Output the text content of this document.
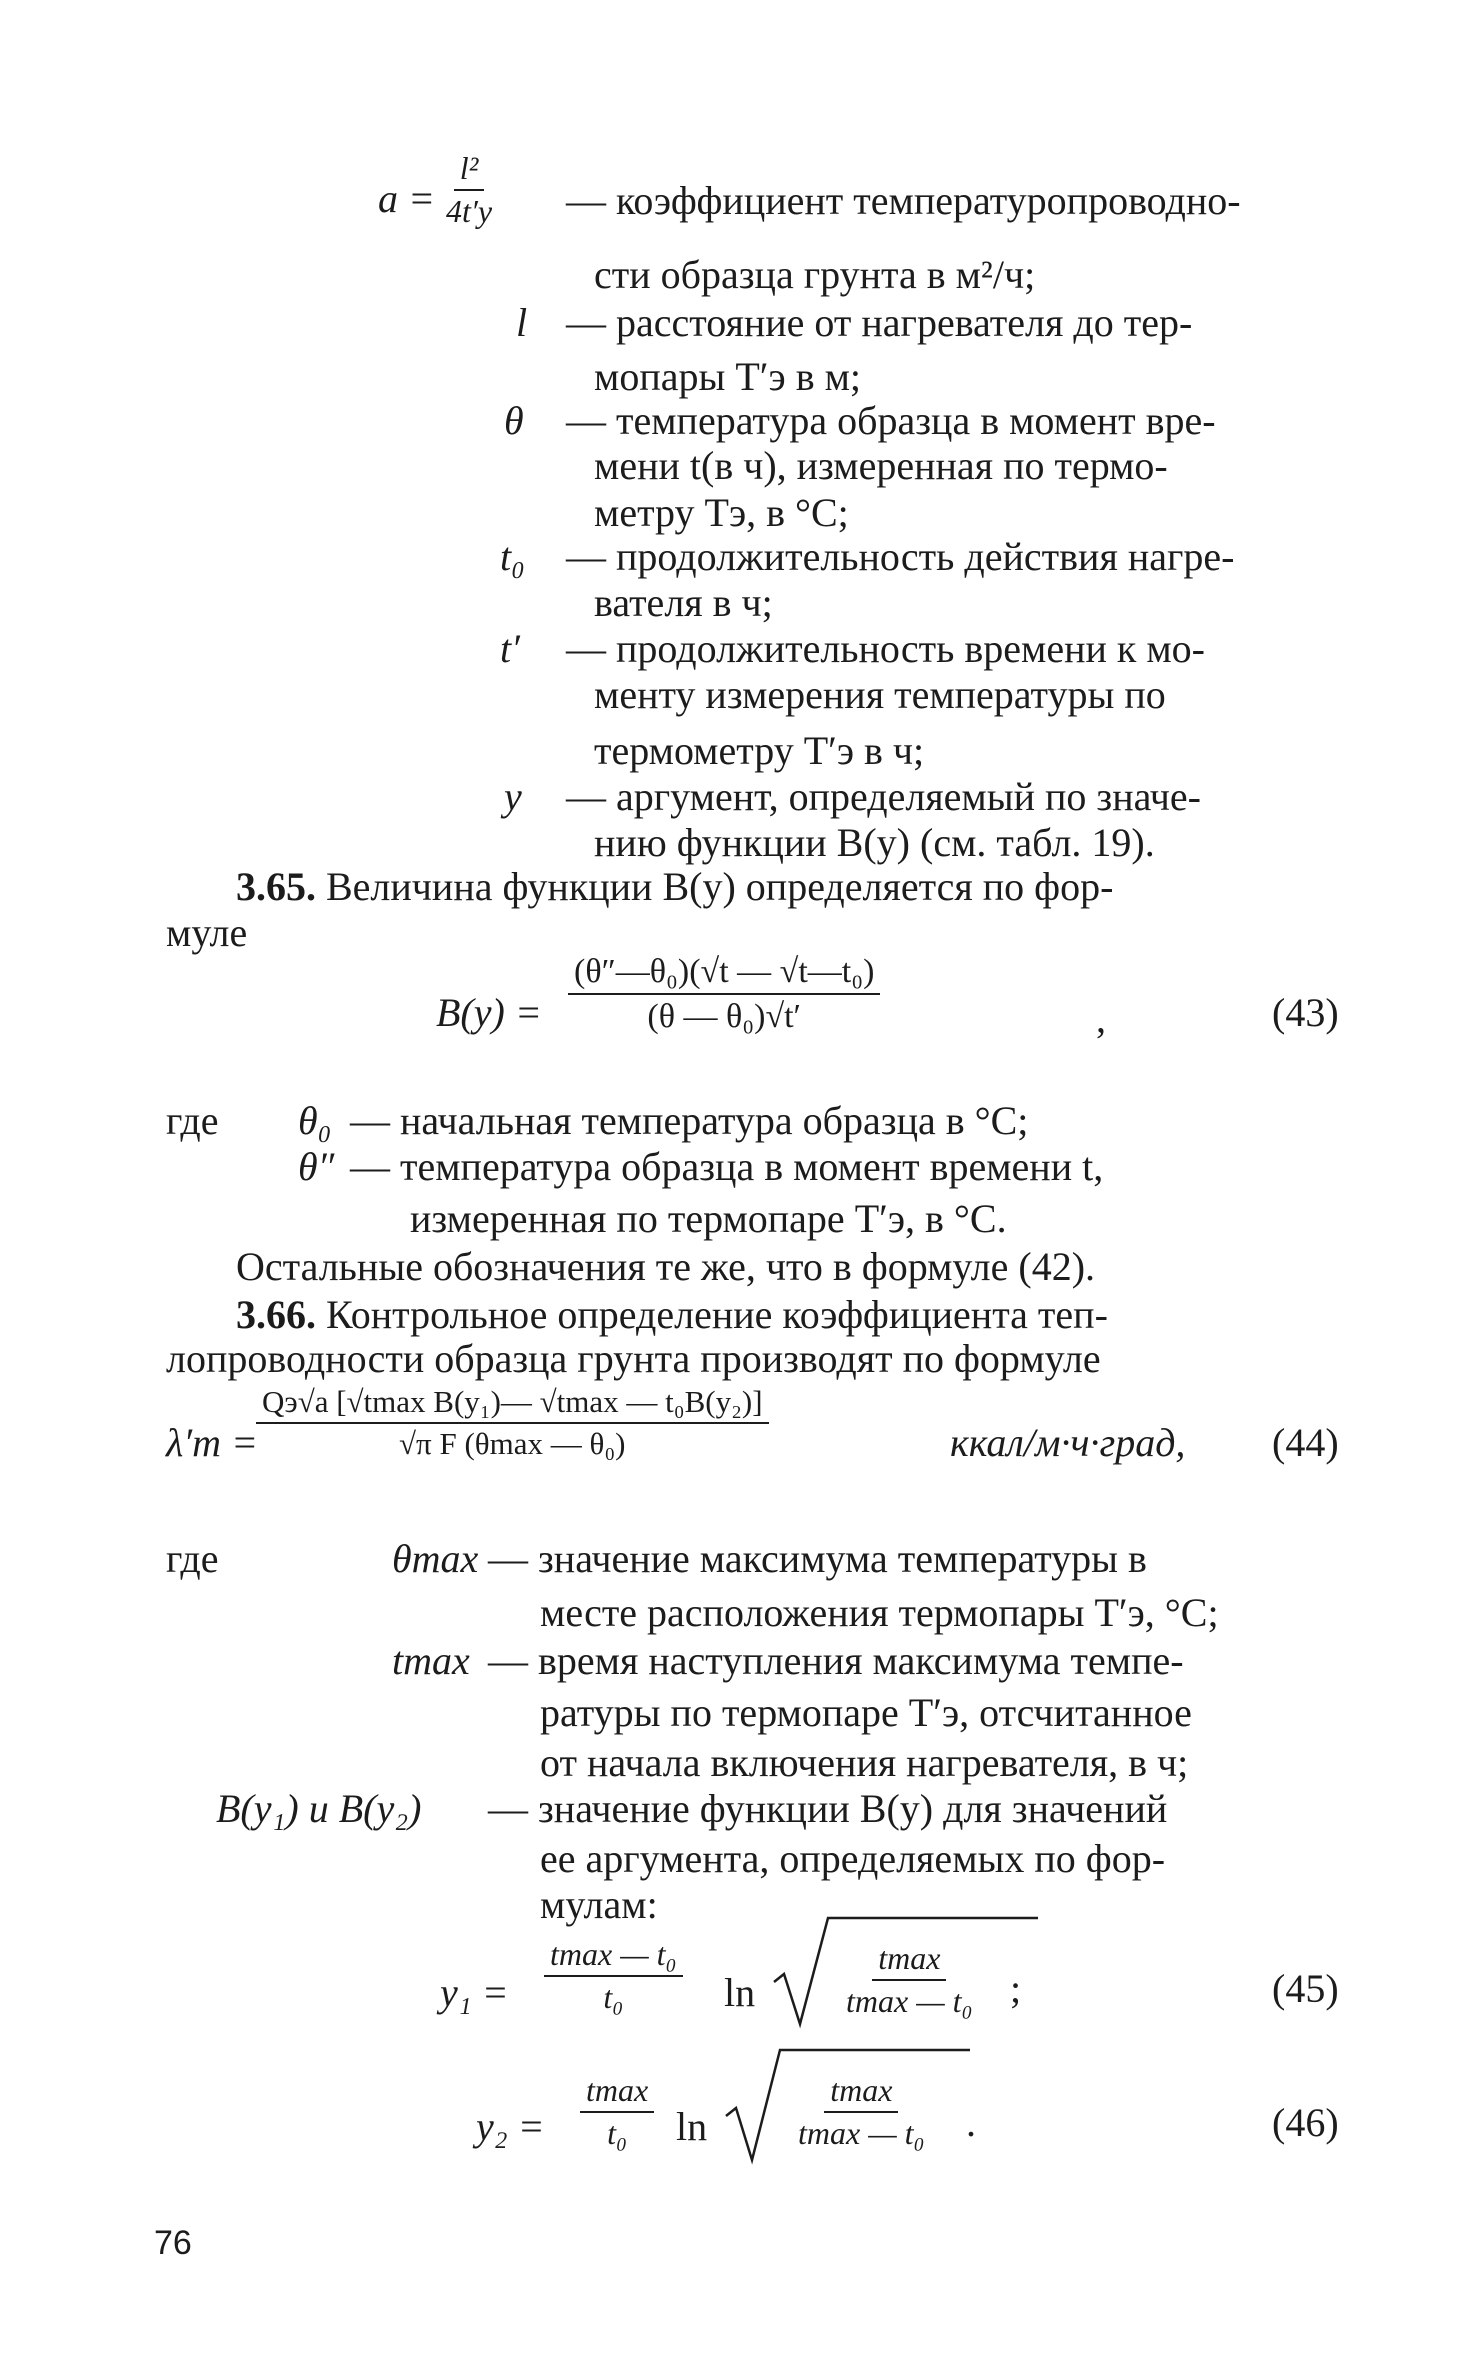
$a = \frac{\text{l²}}{4t'y}$ — коэффициент температуропроводно-
сти образца грунта в м²/ч;
l — расстояние от нагревателя до тер-
мопары T′э в м;
θ — температура образца в момент вре-
мени t(в ч), измеренная по термо-
метру Tэ, в °C;
t₀ — продолжительность действия нагре-
вателя в ч;
t′ — продолжительность времени к мо-
менту измерения температуры по
термометру T′э в ч;
y — аргумент, определяемый по значе-
нию функции B(y) (см. табл. 19).
3.65. Величина функции B(y) определяется по фор-
муле
$B(y) = \frac{\text{(θ″—θ₀)(√t — √t—t₀)}}{\text{(θ — θ₀)√t′}}$	,	(43)
где θ₀ — начальная температура образца в °C;
θ″ — температура образца в момент времени t,
измеренная по термопаре T′э, в °C.
Остальные обозначения те же, что в формуле (42).
3.66. Контрольное определение коэффициента теп-
лопроводности образца грунта производят по формуле
λ′т =
$\frac{\text{Qэ√a [√tmax B(y₁)— √tmax — t₀B(y₂)]}}{\text{√π F (θmax — θ₀)}}$	ккал/м·ч·град, (44)
где	θmax — значение максимума температуры в
месте расположения термопары T′э, °C;
tmax — время наступления максимума темпе-
ратуры по термопаре T′э, отсчитанное
от начала включения нагревателя, в ч;
B(y₁) и B(y₂) — значение функции B(y) для значений
ее аргумента, определяемых по фор-
мулам:
$y_1 = \frac{\text{tmax — t₀}}{\text{t₀}}$ ln	$\frac{tmax}{\text{tmax — t₀}}$ ;	(45)
$y_2 = \frac{tmax}{\text{t₀}}$ ln	$\frac{tmax}{\text{tmax — t₀}}$ .	(46)
76
